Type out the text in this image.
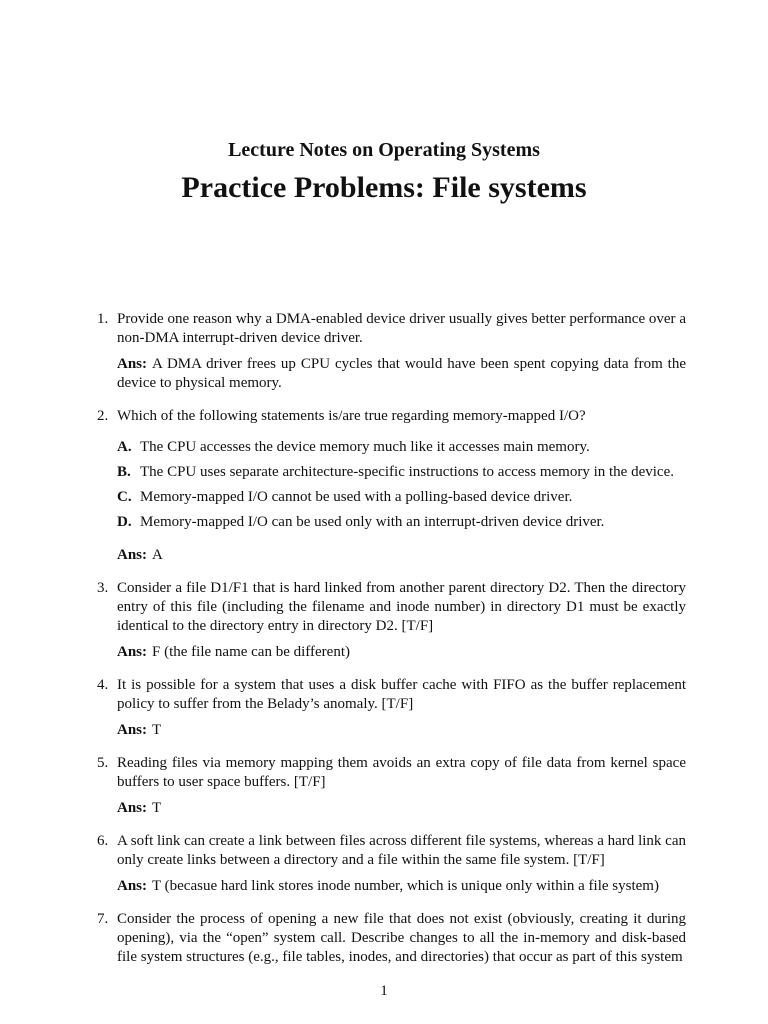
Lecture Notes on Operating Systems
Practice Problems: File systems
1. Provide one reason why a DMA-enabled device driver usually gives better performance over a non-DMA interrupt-driven device driver.
Ans: A DMA driver frees up CPU cycles that would have been spent copying data from the device to physical memory.
2. Which of the following statements is/are true regarding memory-mapped I/O?
A. The CPU accesses the device memory much like it accesses main memory.
B. The CPU uses separate architecture-specific instructions to access memory in the device.
C. Memory-mapped I/O cannot be used with a polling-based device driver.
D. Memory-mapped I/O can be used only with an interrupt-driven device driver.
Ans: A
3. Consider a file D1/F1 that is hard linked from another parent directory D2. Then the directory entry of this file (including the filename and inode number) in directory D1 must be exactly identical to the directory entry in directory D2. [T/F]
Ans: F (the file name can be different)
4. It is possible for a system that uses a disk buffer cache with FIFO as the buffer replacement policy to suffer from the Belady’s anomaly. [T/F]
Ans: T
5. Reading files via memory mapping them avoids an extra copy of file data from kernel space buffers to user space buffers. [T/F]
Ans: T
6. A soft link can create a link between files across different file systems, whereas a hard link can only create links between a directory and a file within the same file system. [T/F]
Ans: T (becasue hard link stores inode number, which is unique only within a file system)
7. Consider the process of opening a new file that does not exist (obviously, creating it during opening), via the “open” system call. Describe changes to all the in-memory and disk-based file system structures (e.g., file tables, inodes, and directories) that occur as part of this system
1
